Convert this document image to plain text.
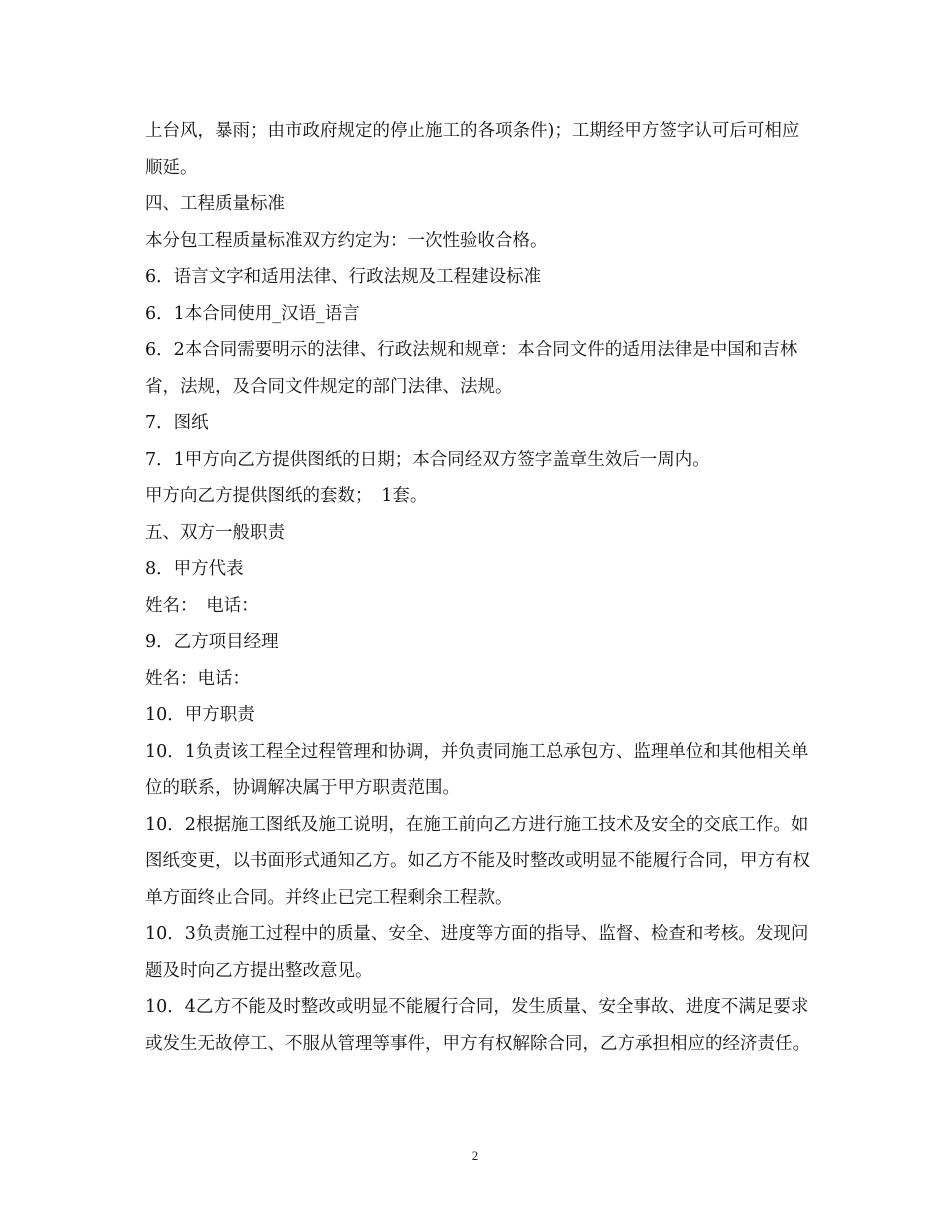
上台风，暴雨；由市政府规定的停止施工的各项条件)；工期经甲方签字认可后可相应顺延。

四、工程质量标准

本分包工程质量标准双方约定为：一次性验收合格。

6．语言文字和适用法律、行政法规及工程建设标准

6．1本合同使用_汉语_语言

6．2本合同需要明示的法律、行政法规和规章：本合同文件的适用法律是中国和吉林省，法规，及合同文件规定的部门法律、法规。

7．图纸

7．1甲方向乙方提供图纸的日期；本合同经双方签字盖章生效后一周内。

甲方向乙方提供图纸的套数；　1套。

五、双方一般职责

8．甲方代表

姓名：　电话：

9．乙方项目经理

姓名：电话：

10．甲方职责

10．1负责该工程全过程管理和协调，并负责同施工总承包方、监理单位和其他相关单位的联系，协调解决属于甲方职责范围。

10．2根据施工图纸及施工说明，在施工前向乙方进行施工技术及安全的交底工作。如图纸变更，以书面形式通知乙方。如乙方不能及时整改或明显不能履行合同，甲方有权单方面终止合同。并终止已完工程剩余工程款。

10．3负责施工过程中的质量、安全、进度等方面的指导、监督、检查和考核。发现问题及时向乙方提出整改意见。

10．4乙方不能及时整改或明显不能履行合同，发生质量、安全事故、进度不满足要求或发生无故停工、不服从管理等事件，甲方有权解除合同，乙方承担相应的经济责任。

2
